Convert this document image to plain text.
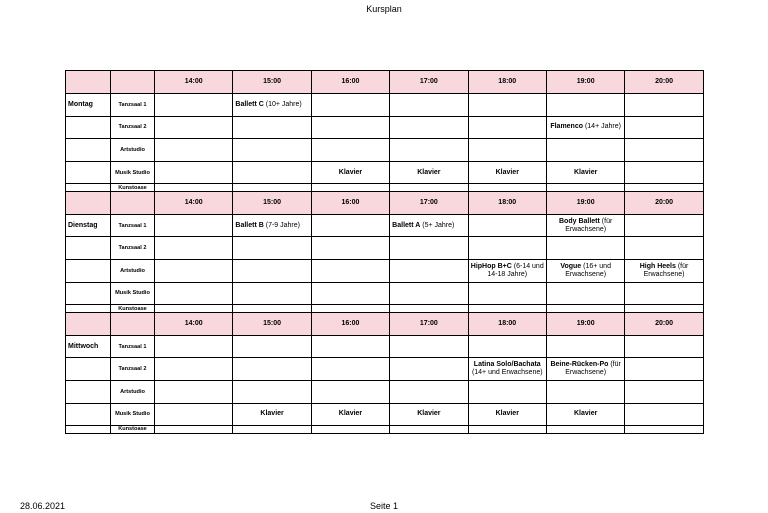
Kursplan
		14:00	15:00	16:00	17:00	18:00	19:00	20:00
Montag	Tanzsaal 1		Ballett C (10+ Jahre)					
	Tanzsaal 2						Flamenco (14+ Jahre)	
	Artstudio							
	Musik Studio			Klavier	Klavier	Klavier	Klavier	
	Kunstoase							
		14:00	15:00	16:00	17:00	18:00	19:00	20:00
Dienstag	Tanzsaal 1		Ballett B (7-9 Jahre)		Ballett A (5+ Jahre)		Body Ballett (für Erwachsene)	
	Tanzsaal 2							
	Artstudio					HipHop B+C (6-14 und 14-18 Jahre)	Vogue (16+ und Erwachsene)	High Heels (für Erwachsene)
	Musik Studio							
	Kunstoase							
		14:00	15:00	16:00	17:00	18:00	19:00	20:00
Mittwoch	Tanzsaal 1							
	Tanzsaal 2					Latina Solo/Bachata (14+ und Erwachsene)	Beine-Rücken-Po (für Erwachsene)	
	Artstudio							
	Musik Studio		Klavier	Klavier	Klavier	Klavier	Klavier	
	Kunstoase							
28.06.2021	Seite 1
